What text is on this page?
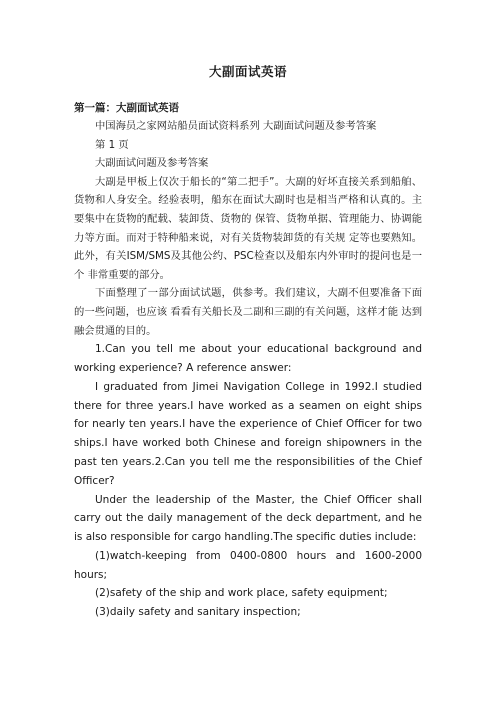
大副面试英语
第一篇：大副面试英语

中国海员之家网站船员面试资料系列 大副面试问题及参考答案

第 1 页

大副面试问题及参考答案

大副是甲板上仅次于船长的“第二把手”。大副的好坏直接关系到船舶、货物和人身安全。经验表明，船东在面试大副时也是相当严格和认真的。主要集中在货物的配载、装卸货、货物的 保管、货物单据、管理能力、协调能力等方面。而对于特种船来说，对有关货物装卸货的有关规 定等也要熟知。此外，有关ISM/SMS及其他公约、PSC检查以及船东内外审时的提问也是一个 非常重要的部分。

下面整理了一部分面试试题，供参考。我们建议，大副不但要准备下面的一些问题，也应该 看看有关船长及二副和三副的有关问题，这样才能 达到融会贯通的目的。

1.Can you tell me about your educational background and working experience? A reference answer:

I graduated from Jimei Navigation College in 1992.I studied there for three years.I have worked as a seamen on eight ships for nearly ten years.I have the experience of Chief Officer for two ships.I have worked both Chinese and foreign shipowners in the past ten years.2.Can you tell me the responsibilities of the Chief Officer?

Under the leadership of the Master, the Chief Officer shall carry out the daily management of the deck department, and he is also responsible for cargo handling.The specific duties include:

(1)watch-keeping from 0400-0800 hours and 1600-2000 hours;

(2)safety of the ship and work place, safety equipment;

(3)daily safety and sanitary inspection;
